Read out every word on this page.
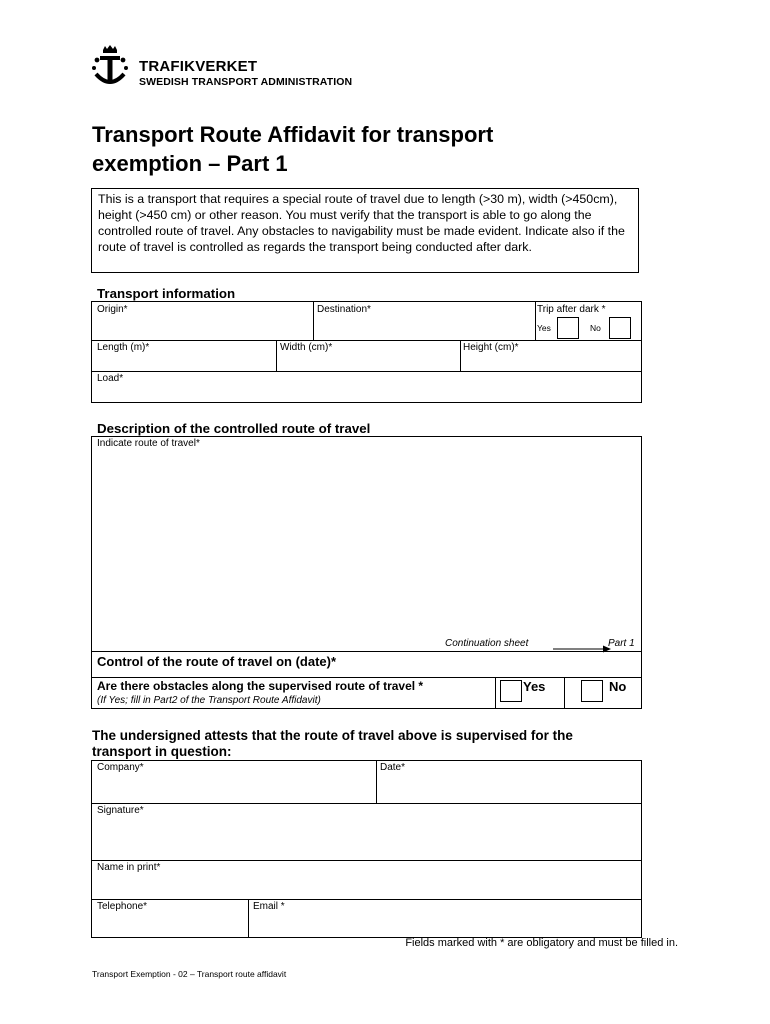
TRAFIKVERKET
SWEDISH TRANSPORT ADMINISTRATION
Transport Route Affidavit for transport
exemption – Part 1
This is a transport that requires a special route of travel due to length (>30 m), width (>450cm), height (>450 cm) or other reason. You must verify that the transport is able to go along the controlled route of travel. Any obstacles to navigability must be made evident. Indicate also if the route of travel is controlled as regards the transport being conducted after dark.
Transport information
Origin*	Destination*	Trip after dark *
Yes	No
Length (m)*	Width (cm)*	Height (cm)*
Load*
Description of the controlled route of travel
Indicate route of travel*
Continuation sheet	Part 1
Control of the route of travel on (date)*
Are there obstacles along the supervised route of travel *
(If Yes; fill in Part2 of the Transport Route Affidavit)
Yes	No
The undersigned attests that the route of travel above is supervised for the
transport in question:
Company*	Date*
Signature*
Name in print*
Telephone*	Email *
Fields marked with * are obligatory and must be filled in.
Transport Exemption - 02 – Transport route affidavit
